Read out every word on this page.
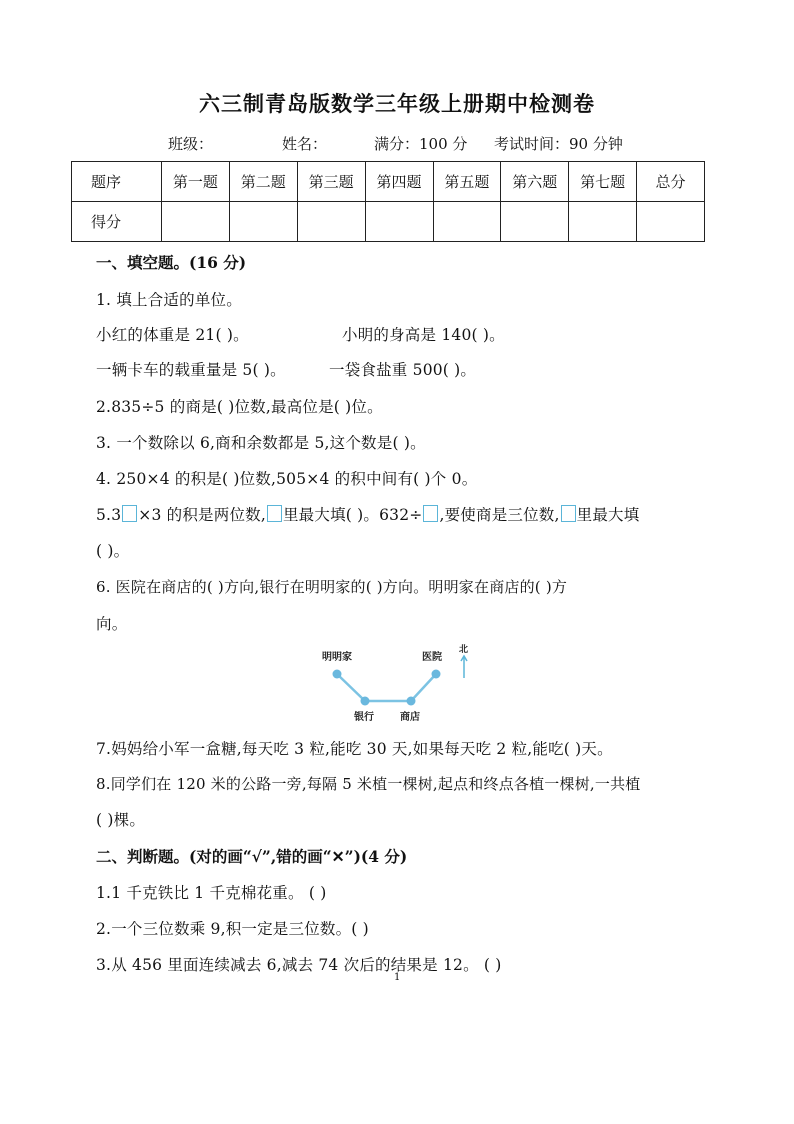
六三制青岛版数学三年级上册期中检测卷
班级：	姓名：	满分：100 分 考试时间：90 分钟
题序	第一题	第二题	第三题	第四题	第五题	第六题	第七题	总分
得分								
一、填空题。(16 分)
1. 填上合适的单位。
小红的体重是 21( )。	小明的身高是 140( )。
一辆卡车的载重量是 5( )。	一袋食盐重 500( )。
2.835÷5 的商是( )位数,最高位是( )位。
3. 一个数除以 6,商和余数都是 5,这个数是( )。
4. 250×4 的积是( )位数,505×4 的积中间有( )个 0。
5.3 ×3 的积是两位数, 里最大填( )。632÷ ,要使商是三位数, 里最大填
( )。
6. 医院在商店的( )方向,银行在明明家的( )方向。明明家在商店的( )方
向。
明明家	医院
银行	商店
北
7.妈妈给小军一盒糖,每天吃 3 粒,能吃 30 天,如果每天吃 2 粒,能吃( )天。
8.同学们在 120 米的公路一旁,每隔 5 米植一棵树,起点和终点各植一棵树,一共植
( )棵。
二、判断题。(对的画“√”,错的画“✕”)(4 分)
1.1 千克铁比 1 千克棉花重。 ( )
2.一个三位数乘 9,积一定是三位数。( )
3.从 456 里面连续减去 6,减去 74 次后的结果是 12。 ( )
1
